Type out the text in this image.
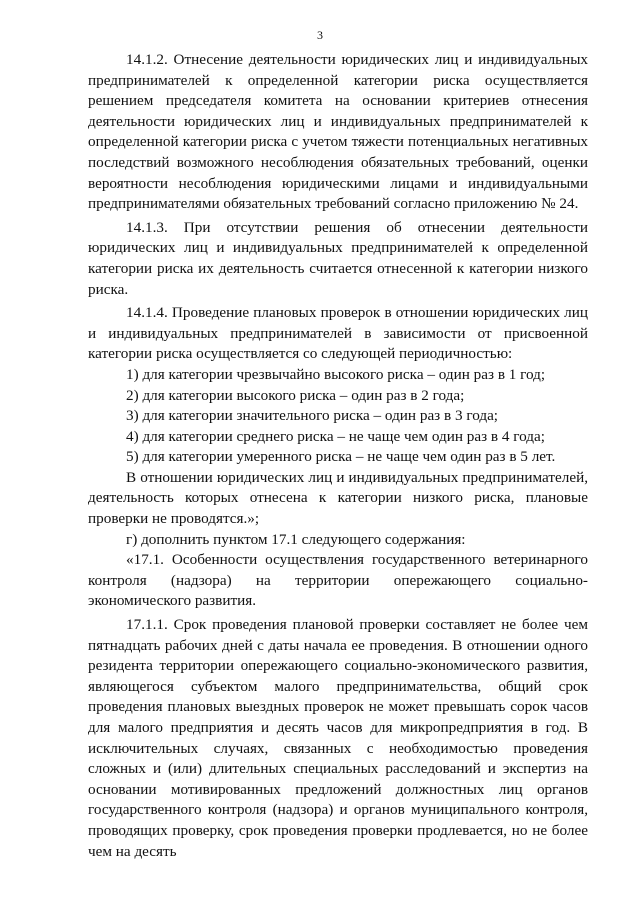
3

14.1.2. Отнесение деятельности юридических лиц и индивидуальных предпринимателей к определенной категории риска осуществляется решением председателя комитета на основании критериев отнесения деятельности юридических лиц и индивидуальных предпринимателей к определенной категории риска с учетом тяжести потенциальных негативных последствий возможного несоблюдения обязательных требований, оценки вероятности несоблюдения юридическими лицами и индивидуальными предпринимателями обязательных требований согласно приложению № 24.

14.1.3. При отсутствии решения об отнесении деятельности юридических лиц и индивидуальных предпринимателей к определенной категории риска их деятельность считается отнесенной к категории низкого риска.

14.1.4. Проведение плановых проверок в отношении юридических лиц и индивидуальных предпринимателей в зависимости от присвоенной категории риска осуществляется со следующей периодичностью:

1) для категории чрезвычайно высокого риска – один раз в 1 год;

2) для категории высокого риска – один раз в 2 года;

3) для категории значительного риска – один раз в 3 года;

4) для категории среднего риска – не чаще чем один раз в 4 года;

5) для категории умеренного риска – не чаще чем один раз в 5 лет.

В отношении юридических лиц и индивидуальных предпринимателей, деятельность которых отнесена к категории низкого риска, плановые проверки не проводятся.»;

г) дополнить пунктом 17.1 следующего содержания:

«17.1. Особенности осуществления государственного ветеринарного контроля (надзора) на территории опережающего социально-экономического развития.

17.1.1. Срок проведения плановой проверки составляет не более чем пятнадцать рабочих дней с даты начала ее проведения. В отношении одного резидента территории опережающего социально-экономического развития, являющегося субъектом малого предпринимательства, общий срок проведения плановых выездных проверок не может превышать сорок часов для малого предприятия и десять часов для микропредприятия в год. В исключительных случаях, связанных с необходимостью проведения сложных и (или) длительных специальных расследований и экспертиз на основании мотивированных предложений должностных лиц органов государственного контроля (надзора) и органов муниципального контроля, проводящих проверку, срок проведения проверки продлевается, но не более чем на десять
